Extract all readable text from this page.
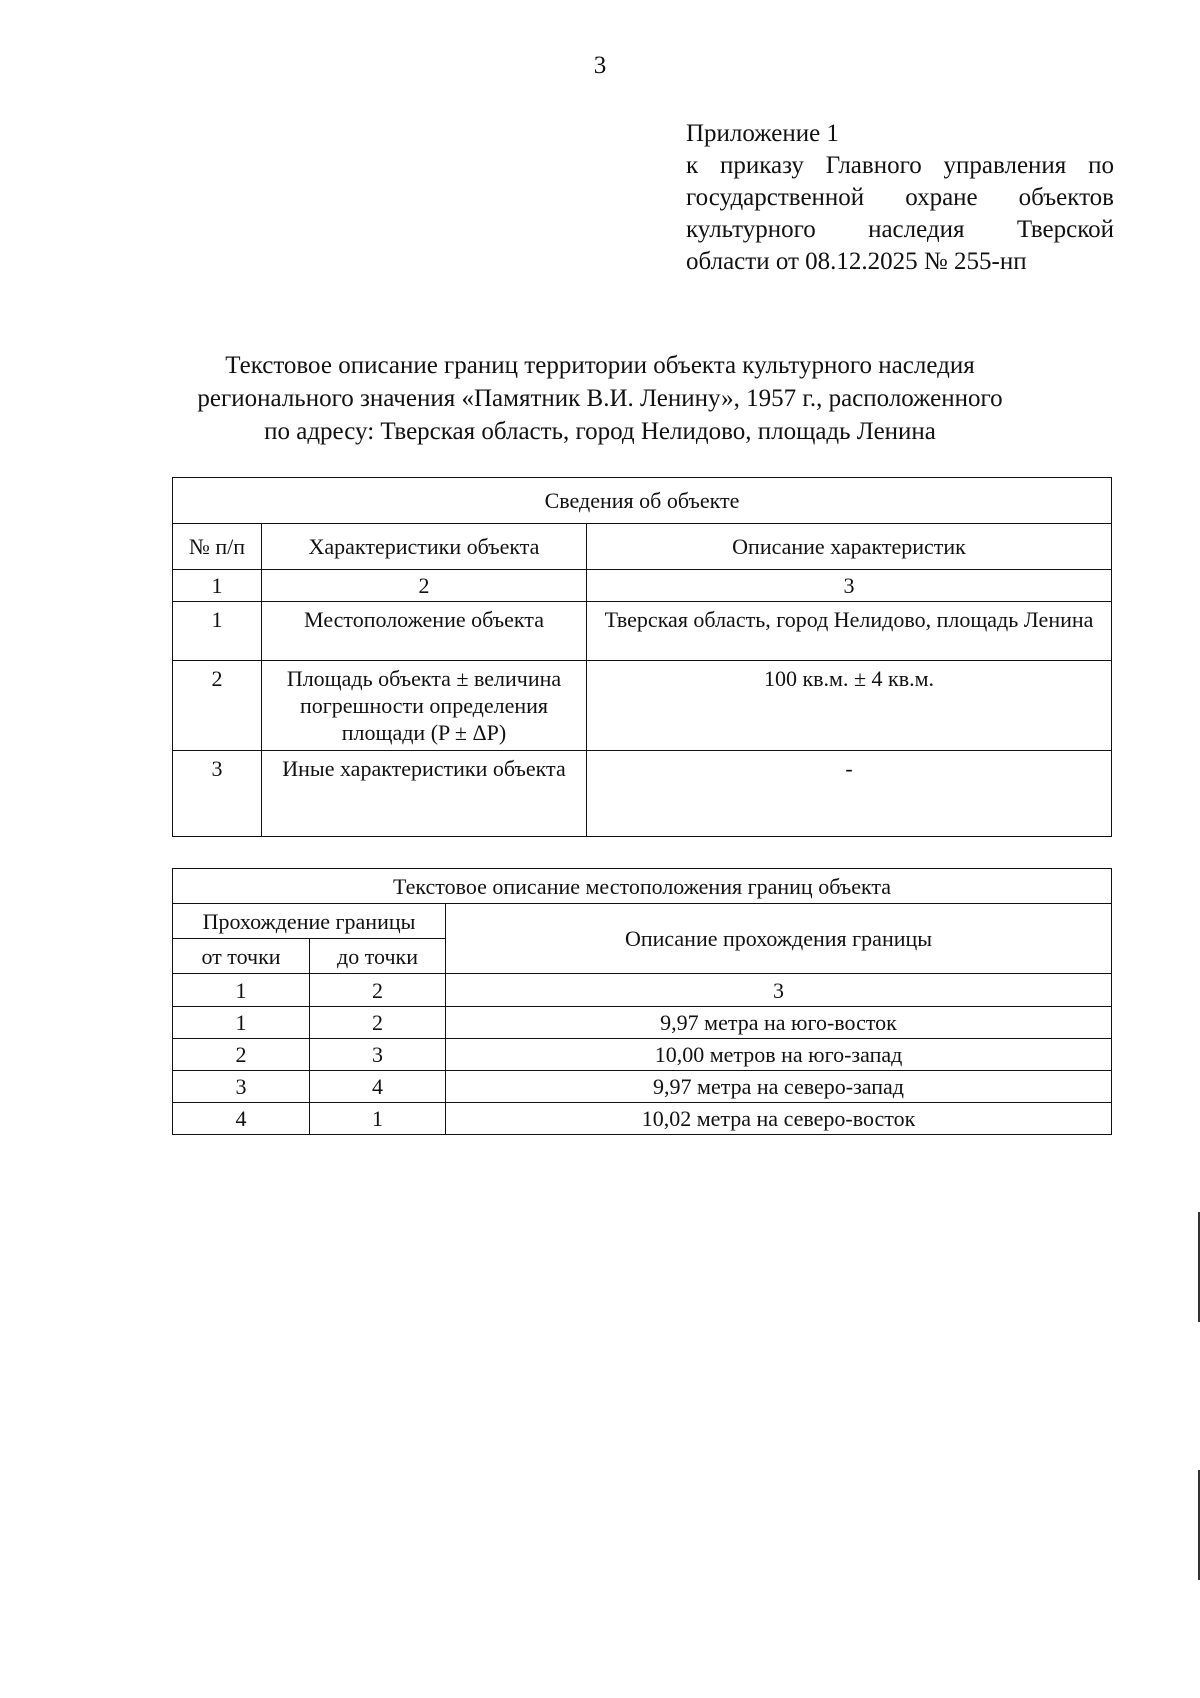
3
Приложение 1
к приказу Главного управления по
государственной охране объектов
культурного наследия Тверской
области от 08.12.2025 № 255-нп
Текстовое описание границ территории объекта культурного наследия
регионального значения «Памятник В.И. Ленину», 1957 г., расположенного
по адресу: Тверская область, город Нелидово, площадь Ленина
Сведения об объекте		
№ п/п	Характеристики объекта	Описание характеристик
1	2	3
1	Местоположение объекта	Тверская область, город Нелидово, площадь Ленина
2	Площадь объекта ± величина погрешности определения площади (P ± ΔP)	100 кв.м. ± 4 кв.м.
3	Иные характеристики объекта	-
Текстовое описание местоположения границ объекта		
Прохождение границы		Описание прохождения границы
от точки	до точки	
1	2	3
1	2	9,97 метра на юго-восток
2	3	10,00 метров на юго-запад
3	4	9,97 метра на северо-запад
4	1	10,02 метра на северо-восток
